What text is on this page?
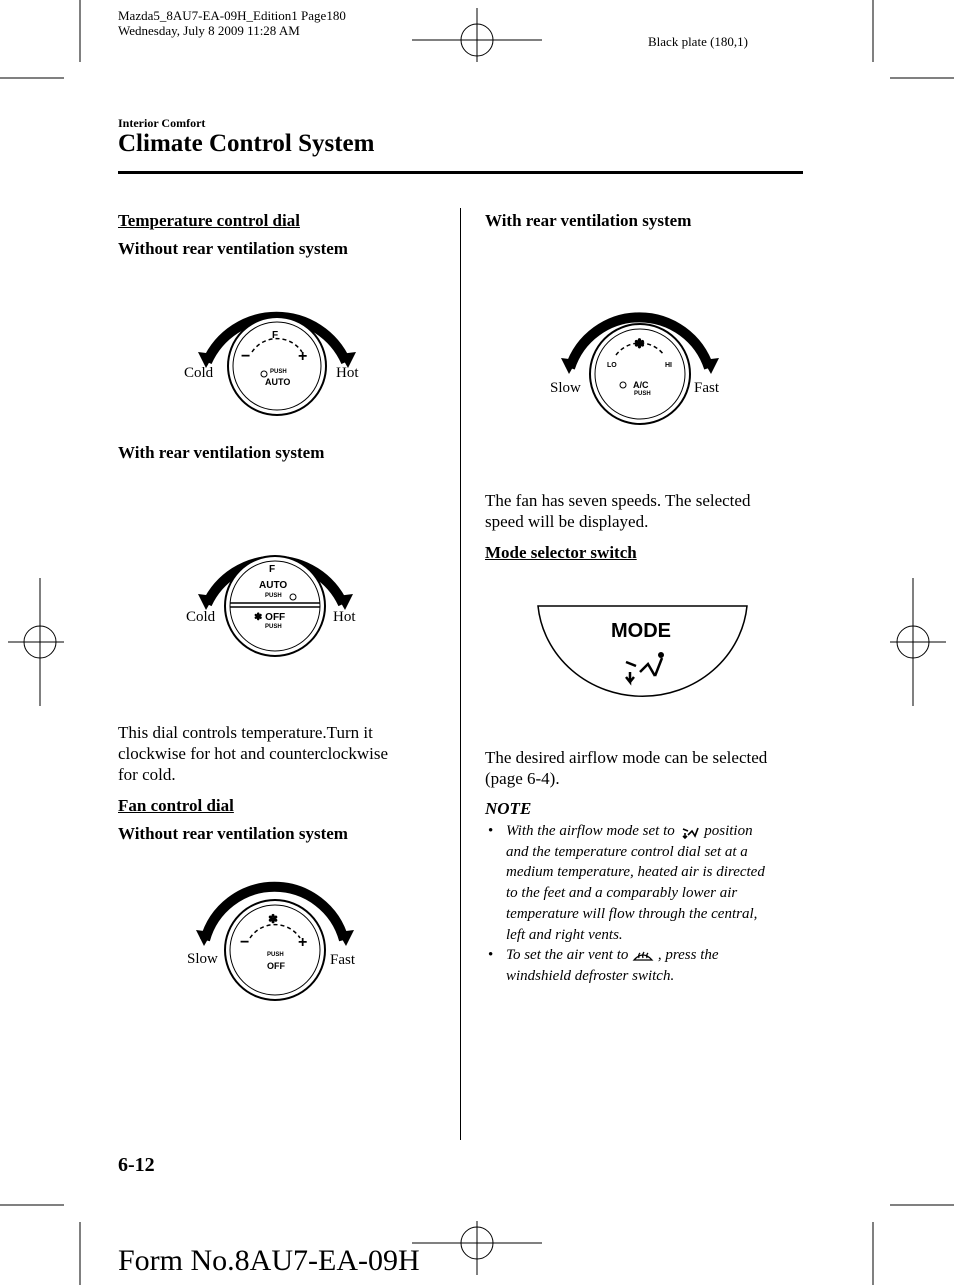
Mazda5_8AU7-EA-09H_Edition1 Page180
Wednesday, July 8 2009 11:28 AM
Black plate (180,1)
Interior Comfort
Climate Control System
Temperature control dial
Without rear ventilation system
Cold	Hot
F
−	+
PUSH
AUTO
With rear ventilation system
Cold	Hot
F
AUTO
PUSH
✽ OFF
PUSH
This dial controls temperature.Turn it
clockwise for hot and counterclockwise
for cold.
Fan control dial
Without rear ventilation system
Slow	Fast
✽
−	+
PUSH
OFF
With rear ventilation system
Slow	Fast
✽
LO	HI
A/C
PUSH
The fan has seven speeds. The selected
speed will be displayed.
Mode selector switch
MODE
The desired airflow mode can be selected
(page 6-4).
NOTE
• With the airflow mode set to position
and the temperature control dial set at a
medium temperature, heated air is directed
to the feet and a comparably lower air
temperature will flow through the central,
left and right vents.
• To set the air vent to , press the
windshield defroster switch.
6-12
Form No.8AU7-EA-09H
